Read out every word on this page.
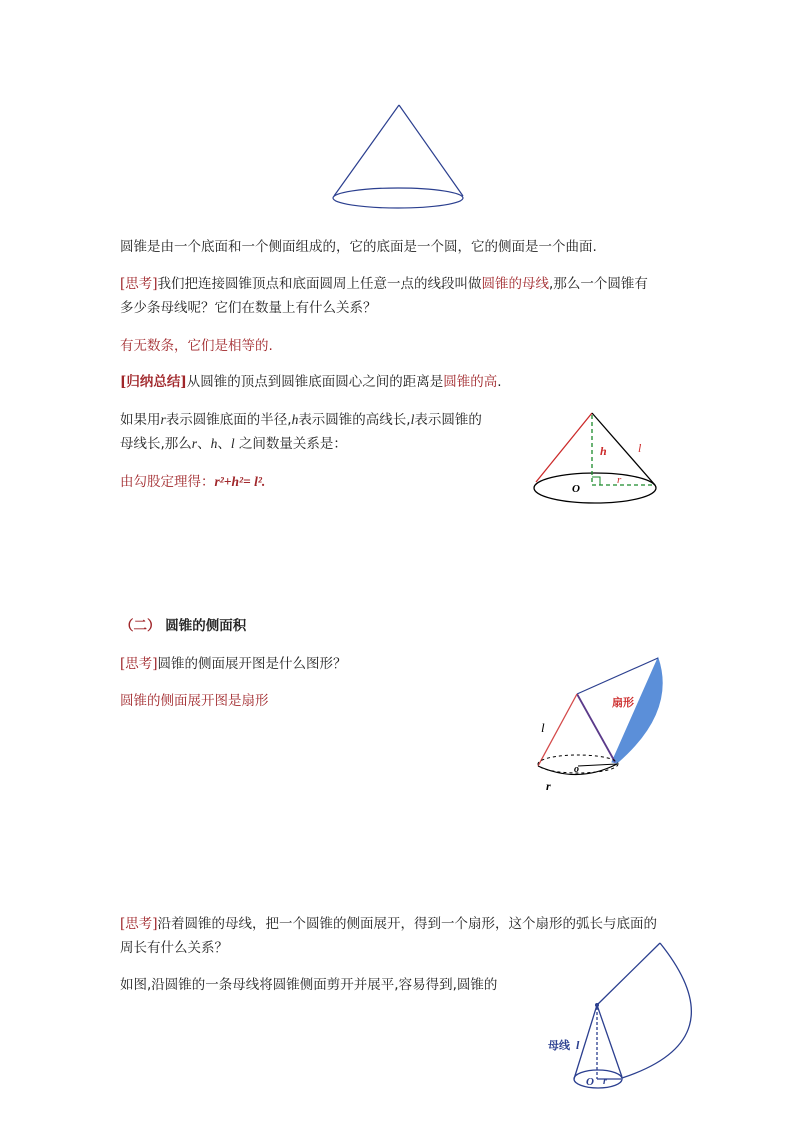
圆锥是由一个底面和一个侧面组成的，它的底面是一个圆，它的侧面是一个曲面.
[思考]我们把连接圆锥顶点和底面圆周上任意一点的线段叫做圆锥的母线,那么一个圆锥有
多少条母线呢？它们在数量上有什么关系？
有无数条，它们是相等的.
[归纳总结]从圆锥的顶点到圆锥底面圆心之间的距离是圆锥的高.
如果用r表示圆锥底面的半径,h表示圆锥的高线长,l表示圆锥的
母线长,那么r、h、l 之间数量关系是：
由勾股定理得：r²+h²= l².
h	l
r
O
（二） 圆锥的侧面积
[思考]圆锥的侧面展开图是什么图形？
圆锥的侧面展开图是扇形	扇形
l
o
r
[思考]沿着圆锥的母线，把一个圆锥的侧面展开，得到一个扇形，这个扇形的弧长与底面的
周长有什么关系？
如图,沿圆锥的一条母线将圆锥侧面剪开并展平,容易得到,圆锥的
母线 l
O r
